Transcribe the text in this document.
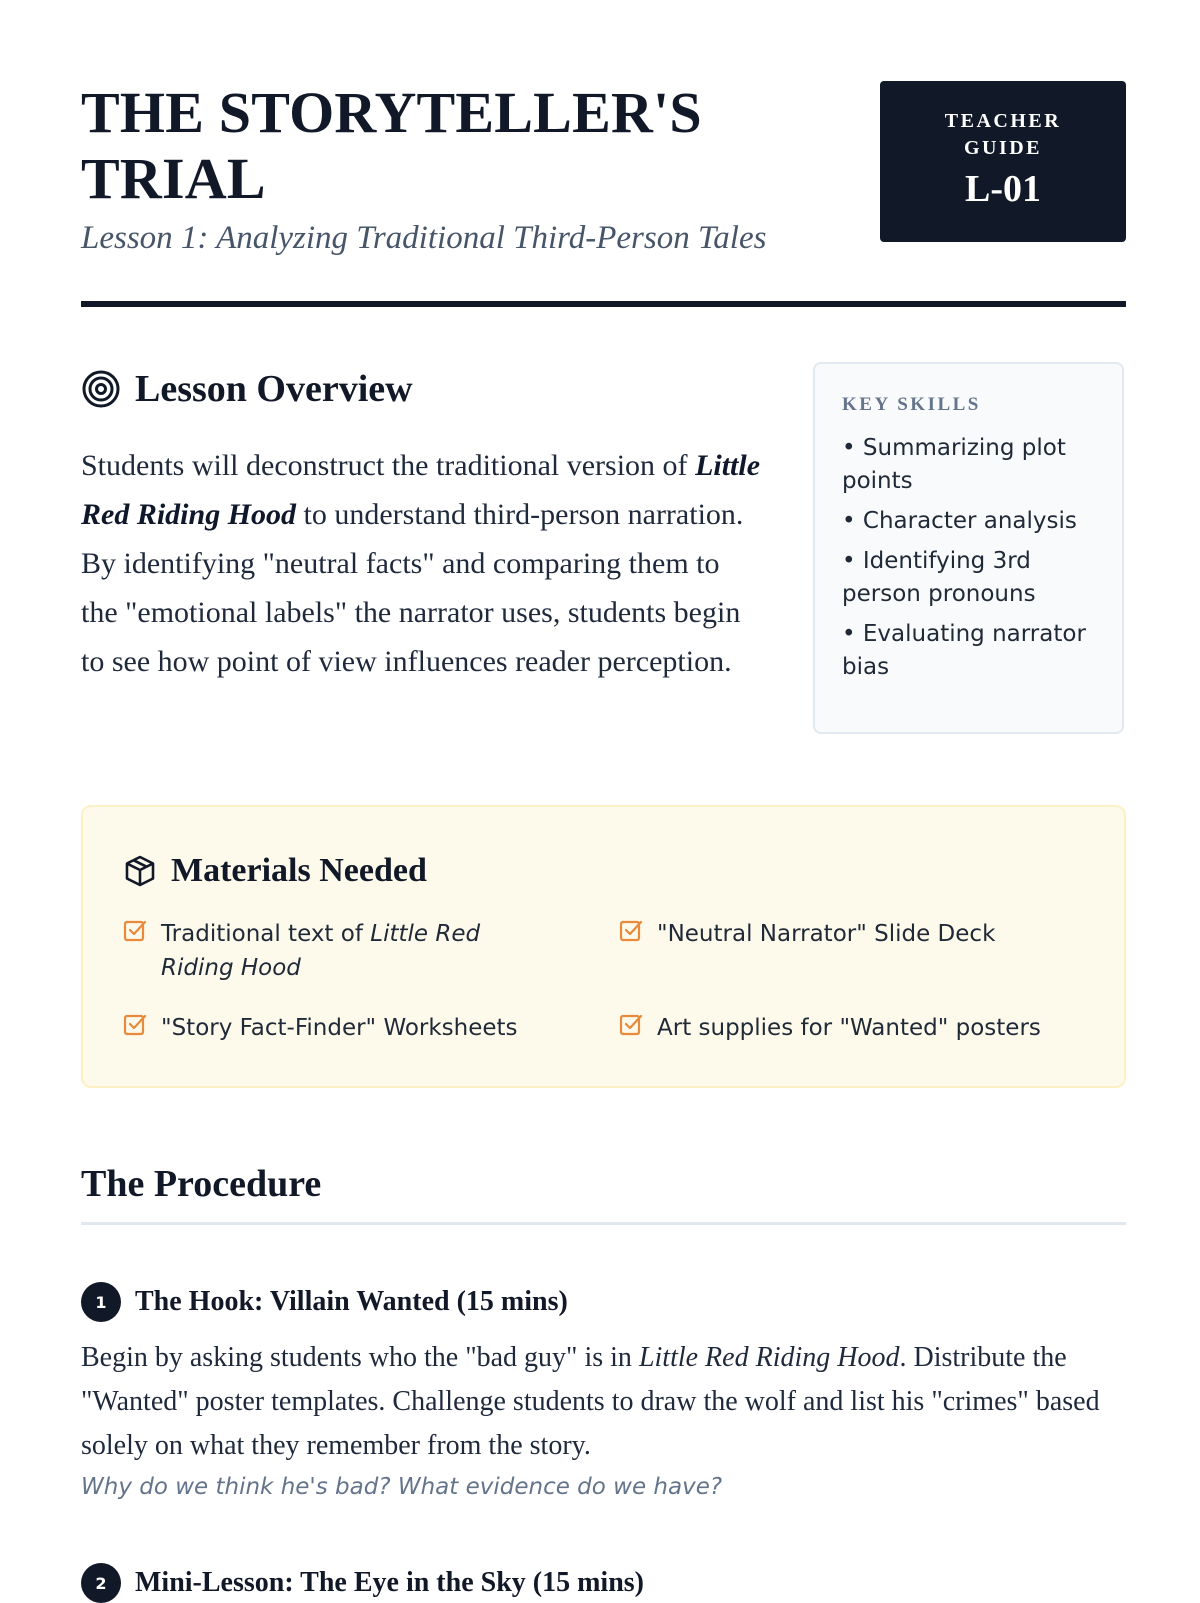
THE STORYTELLER'S TRIAL
Lesson 1: Analyzing Traditional Third-Person Tales
TEACHER
GUIDE
L-01
Lesson Overview
Students will deconstruct the traditional version of Little Red Riding Hood to understand third-person narration. By identifying "neutral facts" and comparing them to the "emotional labels" the narrator uses, students begin to see how point of view influences reader perception.
KEY SKILLS
• Summarizing plot points
• Character analysis
• Identifying 3rd person pronouns
• Evaluating narrator bias
Materials Needed
Traditional text of Little Red Riding Hood
"Neutral Narrator" Slide Deck
"Story Fact-Finder" Worksheets	Art supplies for "Wanted" posters
The Procedure
1	The Hook: Villain Wanted (15 mins)
Begin by asking students who the "bad guy" is in Little Red Riding Hood. Distribute the "Wanted" poster templates. Challenge students to draw the wolf and list his "crimes" based solely on what they remember from the story.
Why do we think he's bad? What evidence do we have?
2	Mini-Lesson: The Eye in the Sky (15 mins)
